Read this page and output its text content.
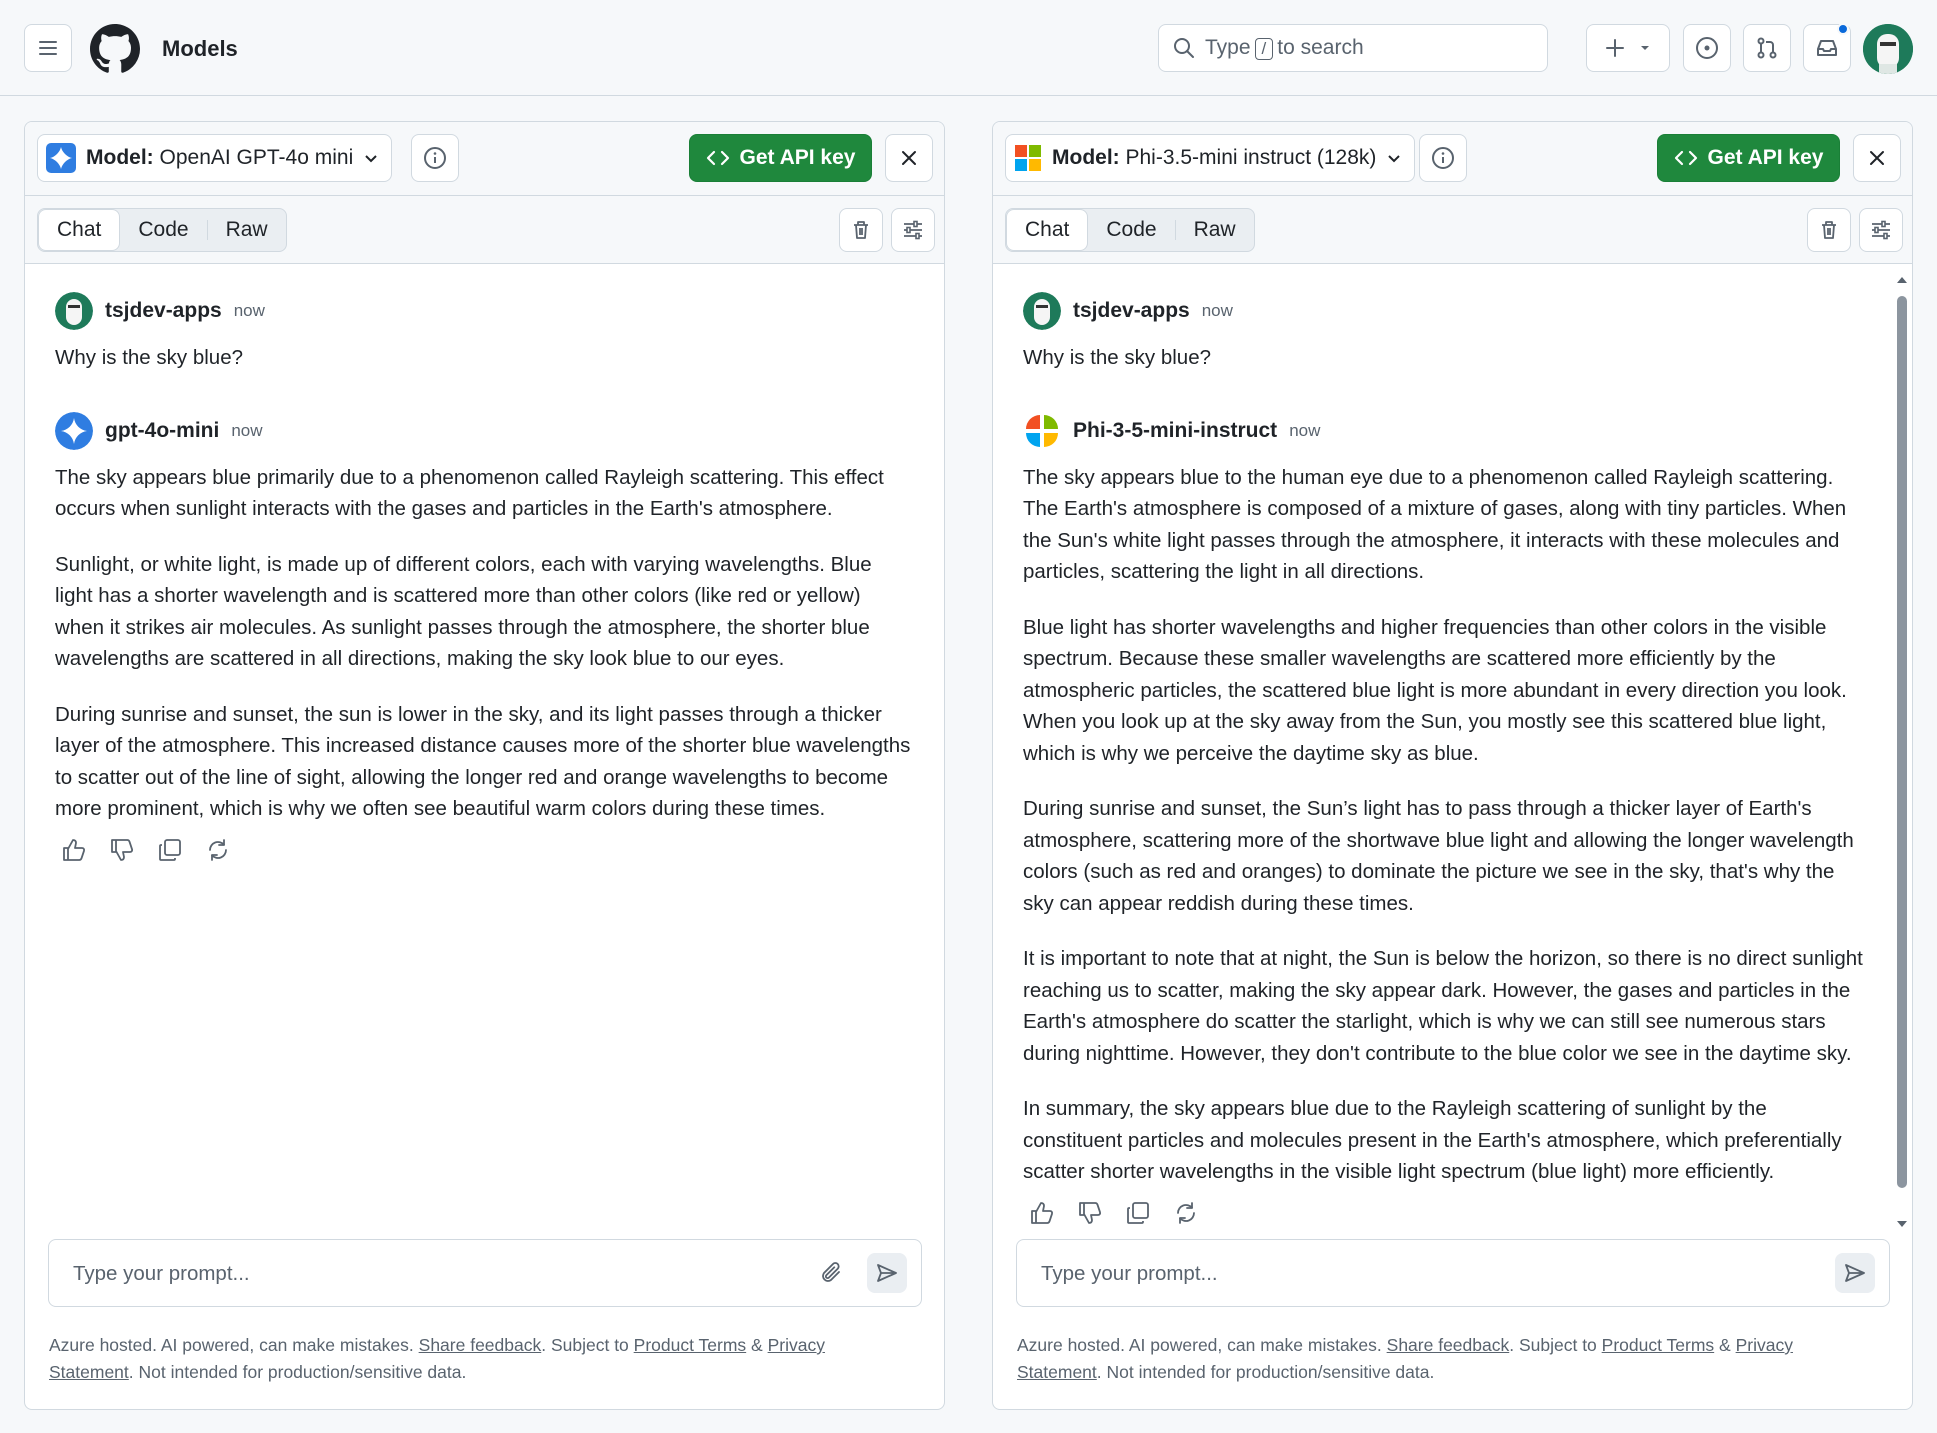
Models	Type / to search
Model: OpenAI GPT-4o mini	Get API key
Chat	Code	Raw
tsjdev-apps now
Why is the sky blue?
gpt-4o-mini now

The sky appears blue primarily due to a phenomenon called Rayleigh scattering. This effect occurs when sunlight interacts with the gases and particles in the Earth's atmosphere.

Sunlight, or white light, is made up of different colors, each with varying wavelengths. Blue light has a shorter wavelength and is scattered more than other colors (like red or yellow) when it strikes air molecules. As sunlight passes through the atmosphere, the shorter blue wavelengths are scattered in all directions, making the sky look blue to our eyes.

During sunrise and sunset, the sun is lower in the sky, and its light passes through a thicker layer of the atmosphere. This increased distance causes more of the shorter blue wavelengths to scatter out of the line of sight, allowing the longer red and orange wavelengths to become more prominent, which is why we often see beautiful warm colors during these times.

Type your prompt...
Azure hosted. AI powered, can make mistakes. Share feedback. Subject to Product Terms & Privacy Statement. Not intended for production/sensitive data.
Model: Phi-3.5-mini instruct (128k)	Get API key
Chat	Code	Raw
tsjdev-apps now
Why is the sky blue?
Phi-3-5-mini-instruct now

The sky appears blue to the human eye due to a phenomenon called Rayleigh scattering. The Earth's atmosphere is composed of a mixture of gases, along with tiny particles. When the Sun's white light passes through the atmosphere, it interacts with these molecules and particles, scattering the light in all directions.

Blue light has shorter wavelengths and higher frequencies than other colors in the visible spectrum. Because these smaller wavelengths are scattered more efficiently by the atmospheric particles, the scattered blue light is more abundant in every direction you look. When you look up at the sky away from the Sun, you mostly see this scattered blue light, which is why we perceive the daytime sky as blue.

During sunrise and sunset, the Sun’s light has to pass through a thicker layer of Earth's atmosphere, scattering more of the shortwave blue light and allowing the longer wavelength colors (such as red and oranges) to dominate the picture we see in the sky, that's why the sky can appear reddish during these times.

It is important to note that at night, the Sun is below the horizon, so there is no direct sunlight reaching us to scatter, making the sky appear dark. However, the gases and particles in the Earth's atmosphere do scatter the starlight, which is why we can still see numerous stars during nighttime. However, they don't contribute to the blue color we see in the daytime sky.

In summary, the sky appears blue due to the Rayleigh scattering of sunlight by the constituent particles and molecules present in the Earth's atmosphere, which preferentially scatter shorter wavelengths in the visible light spectrum (blue light) more efficiently.

Type your prompt...
Azure hosted. AI powered, can make mistakes. Share feedback. Subject to Product Terms & Privacy Statement. Not intended for production/sensitive data.
